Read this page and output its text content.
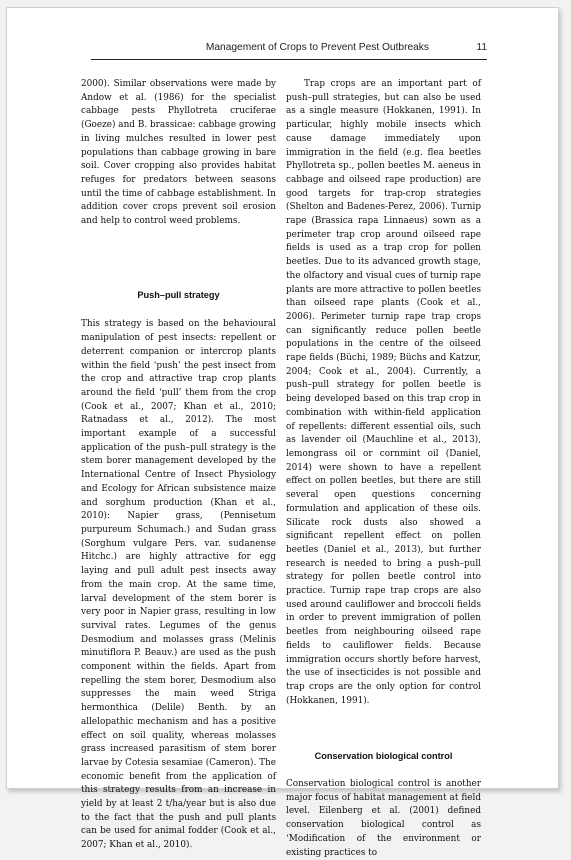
Management of Crops to Prevent Pest Outbreaks	11

2000). Similar observations were made by Andow et al. (1986) for the specialist cabbage pests Phyllotreta cruciferae (Goeze) and B. brassicae: cabbage growing in living mulches resulted in lower pest populations than cabbage growing in bare soil. Cover cropping also provides habitat refuges for predators between seasons until the time of cabbage establishment. In addition cover crops prevent soil erosion and help to control weed problems.

Push–pull strategy

This strategy is based on the behavioural manipulation of pest insects: repellent or deterrent companion or intercrop plants within the field ‘push’ the pest insect from the crop and attractive trap crop plants around the field ‘pull’ them from the crop (Cook et al., 2007; Khan et al., 2010; Ratnadass et al., 2012). The most important example of a successful application of the push–pull strategy is the stem borer management developed by the International Centre of Insect Physiology and Ecology for African subsistence maize and sorghum production (Khan et al., 2010): Napier grass, (Pennisetum purpureum Schumach.) and Sudan grass (Sorghum vulgare Pers. var. sudanense Hitchc.) are highly attractive for egg laying and pull adult pest insects away from the main crop. At the same time, larval development of the stem borer is very poor in Napier grass, resulting in low survival rates. Legumes of the genus Desmodium and molasses grass (Melinis minutiflora P. Beauv.) are used as the push component within the fields. Apart from repelling the stem borer, Desmodium also suppresses the main weed Striga hermonthica (Delile) Benth. by an allelopathic mechanism and has a positive effect on soil quality, whereas molasses grass increased parasitism of stem borer larvae by Cotesia sesamiae (Cameron). The economic benefit from the application of this strategy results from an increase in yield by at least 2 t/ha/year but is also due to the fact that the push and pull plants can be used for animal fodder (Cook et al., 2007; Khan et al., 2010).

Trap crops are an important part of push–pull strategies, but can also be used as a single measure (Hokkanen, 1991). In particular, highly mobile insects which cause damage immediately upon immigration in the field (e.g. flea beetles Phyllotreta sp., pollen beetles M. aeneus in cabbage and oilseed rape production) are good targets for trap-crop strategies (Shelton and Badenes-Perez, 2006). Turnip rape (Brassica rapa Linnaeus) sown as a perimeter trap crop around oilseed rape fields is used as a trap crop for pollen beetles. Due to its advanced growth stage, the olfactory and visual cues of turnip rape plants are more attractive to pollen beetles than oilseed rape plants (Cook et al., 2006). Perimeter turnip rape trap crops can significantly reduce pollen beetle populations in the centre of the oilseed rape fields (Büchi, 1989; Büchs and Katzur, 2004; Cook et al., 2004). Currently, a push–pull strategy for pollen beetle is being developed based on this trap crop in combination with within-field application of repellents: different essential oils, such as lavender oil (Mauchline et al., 2013), lemongrass oil or cornmint oil (Daniel, 2014) were shown to have a repellent effect on pollen beetles, but there are still several open questions concerning formulation and application of these oils. Silicate rock dusts also showed a significant repellent effect on pollen beetles (Daniel et al., 2013), but further research is needed to bring a push–pull strategy for pollen beetle control into practice. Turnip rape trap crops are also used around cauliflower and broccoli fields in order to prevent immigration of pollen beetles from neighbouring oilseed rape fields to cauliflower fields. Because immigration occurs shortly before harvest, the use of insecticides is not possible and trap crops are the only option for control (Hokkanen, 1991).

Conservation biological control

Conservation biological control is another major focus of habitat management at field level. Eilenberg et al. (2001) defined conservation biological control as ‘Modification of the environment or existing practices to
